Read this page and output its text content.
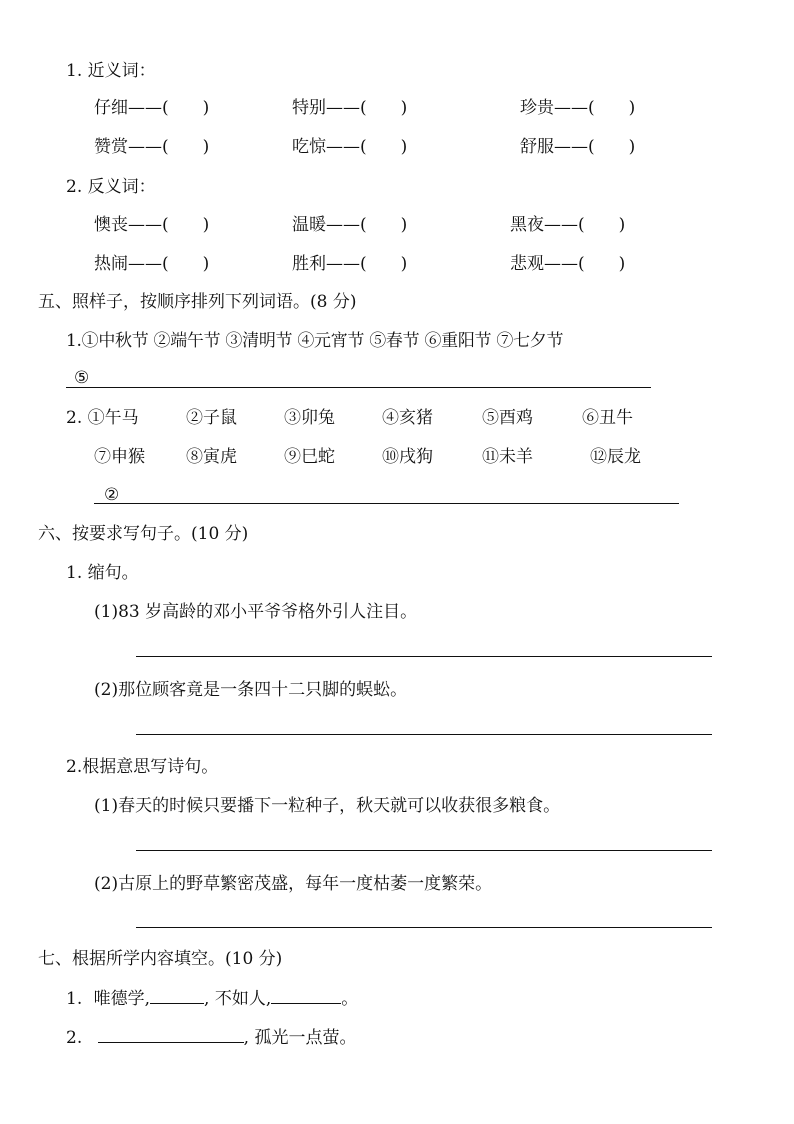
1. 近义词：
仔细——(　　)	特别——(　　)	珍贵——(　　)
赞赏——(　　)	吃惊——(　　)	舒服——(　　)
2. 反义词：
懊丧——(　　)	温暖——(　　)	黑夜——(　　)
热闹——(　　)	胜利——(　　)	悲观——(　　)
五、照样子，按顺序排列下列词语。(8 分)
1.①中秋节 ②端午节 ③清明节 ④元宵节 ⑤春节 ⑥重阳节 ⑦七夕节
⑤
2. ①午马	②子鼠	③卯兔	④亥猪	⑤酉鸡	⑥丑牛
⑦申猴 ⑧寅虎	⑨巳蛇	⑩戌狗	⑪未羊	⑫辰龙
②
六、按要求写句子。(10 分)
1. 缩句。
(1)83 岁高龄的邓小平爷爷格外引人注目。
(2)那位顾客竟是一条四十二只脚的蜈蚣。
2.根据意思写诗句。
(1)春天的时候只要播下一粒种子，秋天就可以收获很多粮食。
(2)古原上的野草繁密茂盛，每年一度枯萎一度繁荣。
七、根据所学内容填空。(10 分)
1. 唯德学,	, 不如人,	。
2.	, 孤光一点萤。
